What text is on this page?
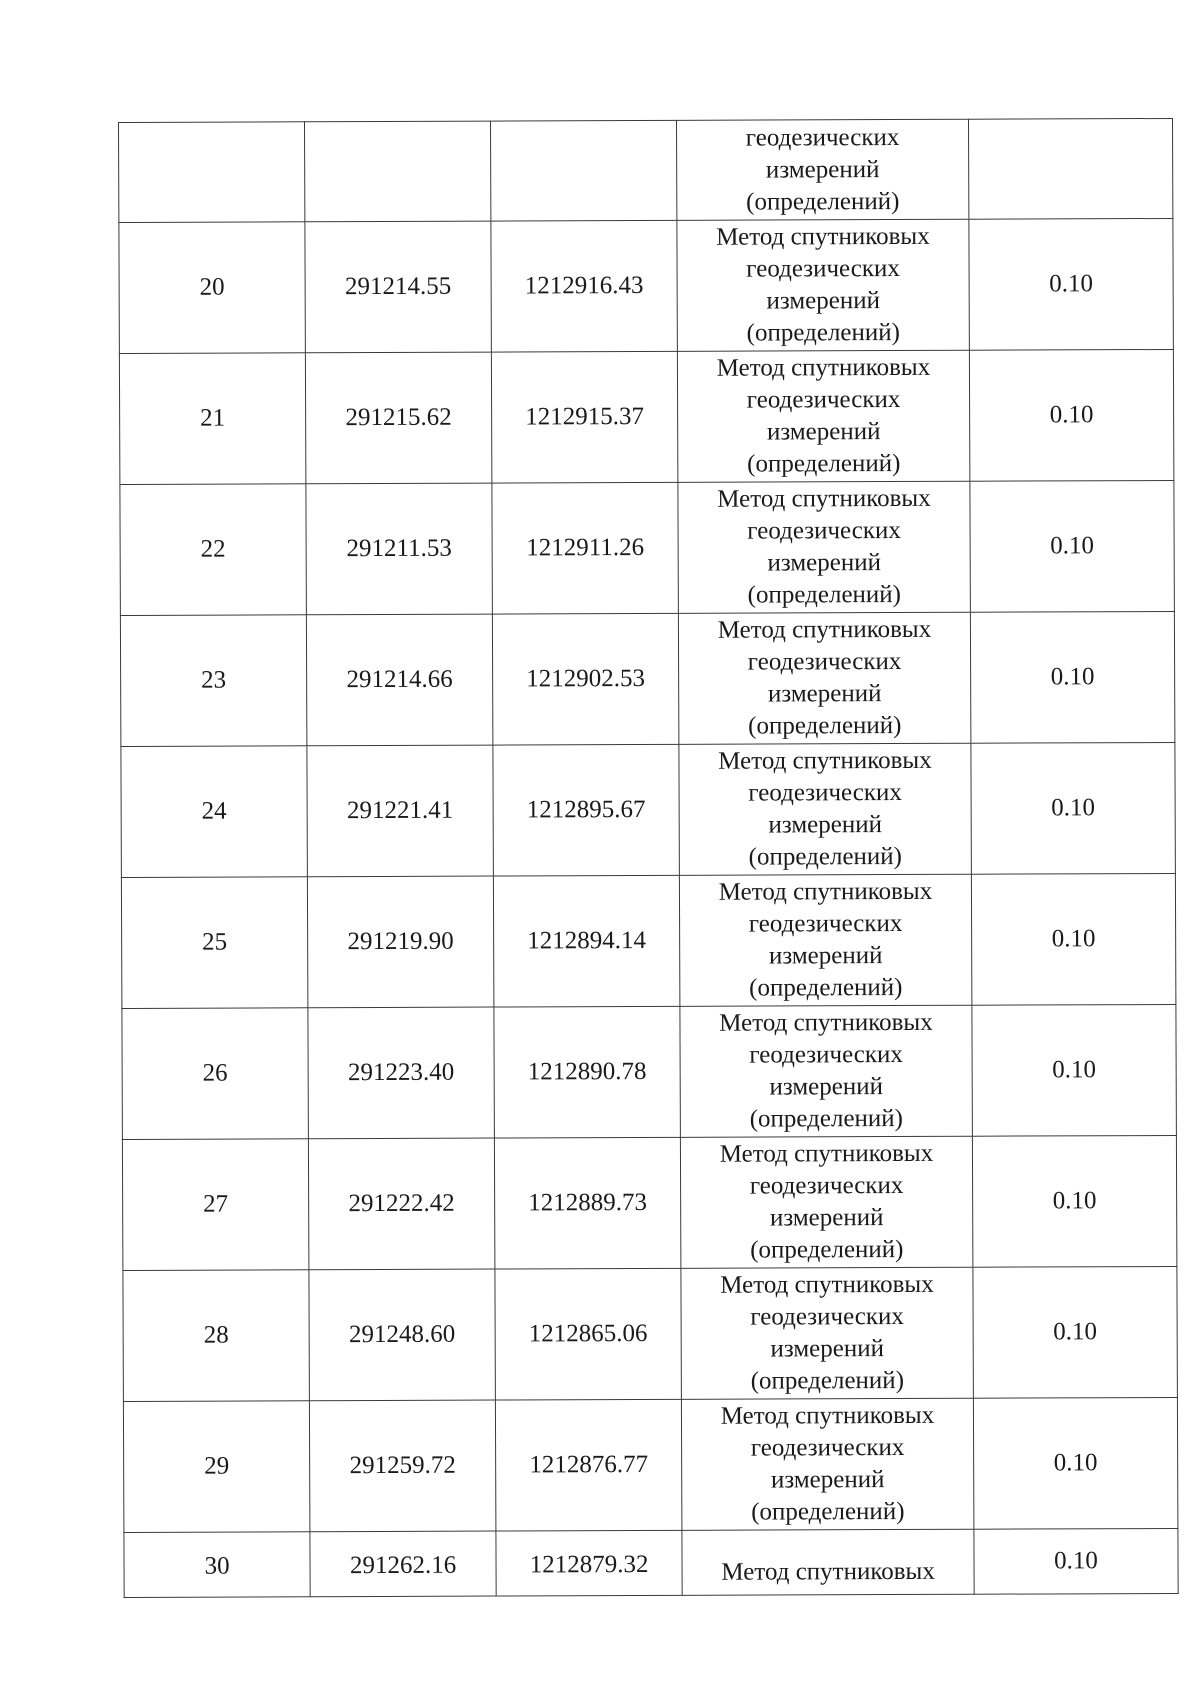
			геодезических
измерений
(определений)	

20	291214.55	1212916.43	Метод спутниковых
геодезических
измерений
(определений)	0.10
21	291215.62	1212915.37	Метод спутниковых
геодезических
измерений
(определений)	0.10
22	291211.53	1212911.26	Метод спутниковых
геодезических
измерений
(определений)	0.10
23	291214.66	1212902.53	Метод спутниковых
геодезических
измерений
(определений)	0.10
24	291221.41	1212895.67	Метод спутниковых
геодезических
измерений
(определений)	0.10
25	291219.90	1212894.14	Метод спутниковых
геодезических
измерений
(определений)	0.10
26	291223.40	1212890.78	Метод спутниковых
геодезических
измерений
(определений)	0.10
27	291222.42	1212889.73	Метод спутниковых
геодезических
измерений
(определений)	0.10
28	291248.60	1212865.06	Метод спутниковых
геодезических
измерений
(определений)	0.10
29	291259.72	1212876.77	Метод спутниковых
геодезических
измерений
(определений)	0.10
30	291262.16	1212879.32	Метод спутниковых	0.10
